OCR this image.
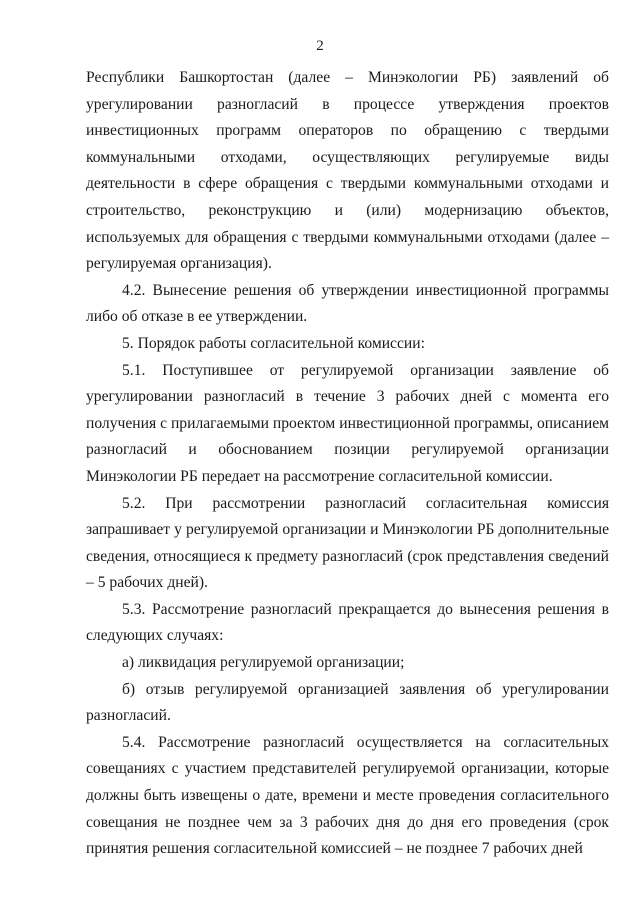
2

Республики Башкортостан (далее – Минэкологии РБ) заявлений об урегулировании разногласий в процессе утверждения проектов инвестиционных программ операторов по обращению с твердыми коммунальными отходами, осуществляющих регулируемые виды деятельности в сфере обращения с твердыми коммунальными отходами и строительство, реконструкцию и (или) модернизацию объектов, используемых для обращения с твердыми коммунальными отходами (далее – регулируемая организация).

4.2. Вынесение решения об утверждении инвестиционной программы либо об отказе в ее утверждении.

5. Порядок работы согласительной комиссии:

5.1. Поступившее от регулируемой организации заявление об урегулировании разногласий в течение 3 рабочих дней с момента его получения с прилагаемыми проектом инвестиционной программы, описанием разногласий и обоснованием позиции регулируемой организации Минэкологии РБ передает на рассмотрение согласительной комиссии.

5.2. При рассмотрении разногласий согласительная комиссия запрашивает у регулируемой организации и Минэкологии РБ дополнительные сведения, относящиеся к предмету разногласий (срок представления сведений – 5 рабочих дней).

5.3. Рассмотрение разногласий прекращается до вынесения решения в следующих случаях:

а) ликвидация регулируемой организации;

б) отзыв регулируемой организацией заявления об урегулировании разногласий.

5.4. Рассмотрение разногласий осуществляется на согласительных совещаниях с участием представителей регулируемой организации, которые должны быть извещены о дате, времени и месте проведения согласительного совещания не позднее чем за 3 рабочих дня до дня его проведения (срок принятия решения согласительной комиссией – не позднее 7 рабочих дней
